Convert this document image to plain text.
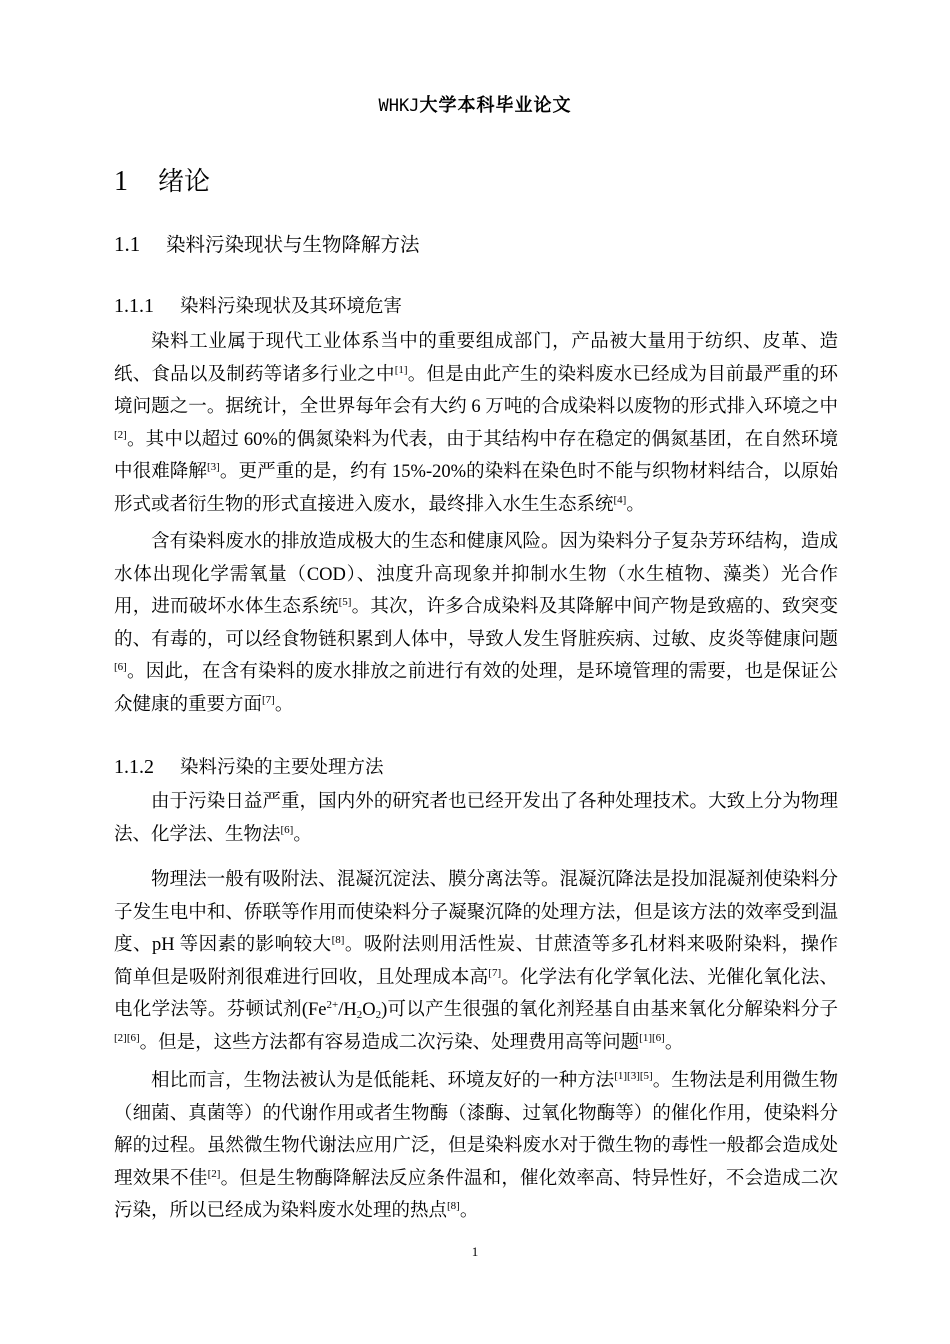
WHKJ大学本科毕业论文
1 绪论
1.1 染料污染现状与生物降解方法
1.1.1 染料污染现状及其环境危害

染料工业属于现代工业体系当中的重要组成部门，产品被大量用于纺织、皮革、造纸、食品以及制药等诸多行业之中[1]。但是由此产生的染料废水已经成为目前最严重的环境问题之一。据统计，全世界每年会有大约 6 万吨的合成染料以废物的形式排入环境之中[2]。其中以超过 60%的偶氮染料为代表，由于其结构中存在稳定的偶氮基团，在自然环境中很难降解[3]。更严重的是，约有 15%-20%的染料在染色时不能与织物材料结合，以原始形式或者衍生物的形式直接进入废水，最终排入水生生态系统[4]。

含有染料废水的排放造成极大的生态和健康风险。因为染料分子复杂芳环结构，造成水体出现化学需氧量（COD）、浊度升高现象并抑制水生物（水生植物、藻类）光合作用，进而破坏水体生态系统[5]。其次，许多合成染料及其降解中间产物是致癌的、致突变的、有毒的，可以经食物链积累到人体中，导致人发生肾脏疾病、过敏、皮炎等健康问题[6]。因此，在含有染料的废水排放之前进行有效的处理，是环境管理的需要，也是保证公众健康的重要方面[7]。

1.1.2 染料污染的主要处理方法

由于污染日益严重，国内外的研究者也已经开发出了各种处理技术。大致上分为物理法、化学法、生物法[6]。

物理法一般有吸附法、混凝沉淀法、膜分离法等。混凝沉降法是投加混凝剂使染料分子发生电中和、侨联等作用而使染料分子凝聚沉降的处理方法，但是该方法的效率受到温度、pH 等因素的影响较大[8]。吸附法则用活性炭、甘蔗渣等多孔材料来吸附染料，操作简单但是吸附剂很难进行回收，且处理成本高[7]。化学法有化学氧化法、光催化氧化法、电化学法等。芬顿试剂$(Fe^{2+}/H_2O_2)$可以产生很强的氧化剂羟基自由基来氧化分解染料分子[2][6]。但是，这些方法都有容易造成二次污染、处理费用高等问题[1][6]。

相比而言，生物法被认为是低能耗、环境友好的一种方法[1][3][5]。生物法是利用微生物（细菌、真菌等）的代谢作用或者生物酶（漆酶、过氧化物酶等）的催化作用，使染料分解的过程。虽然微生物代谢法应用广泛，但是染料废水对于微生物的毒性一般都会造成处理效果不佳[2]。但是生物酶降解法反应条件温和，催化效率高、特异性好，不会造成二次污染，所以已经成为染料废水处理的热点[8]。

1
